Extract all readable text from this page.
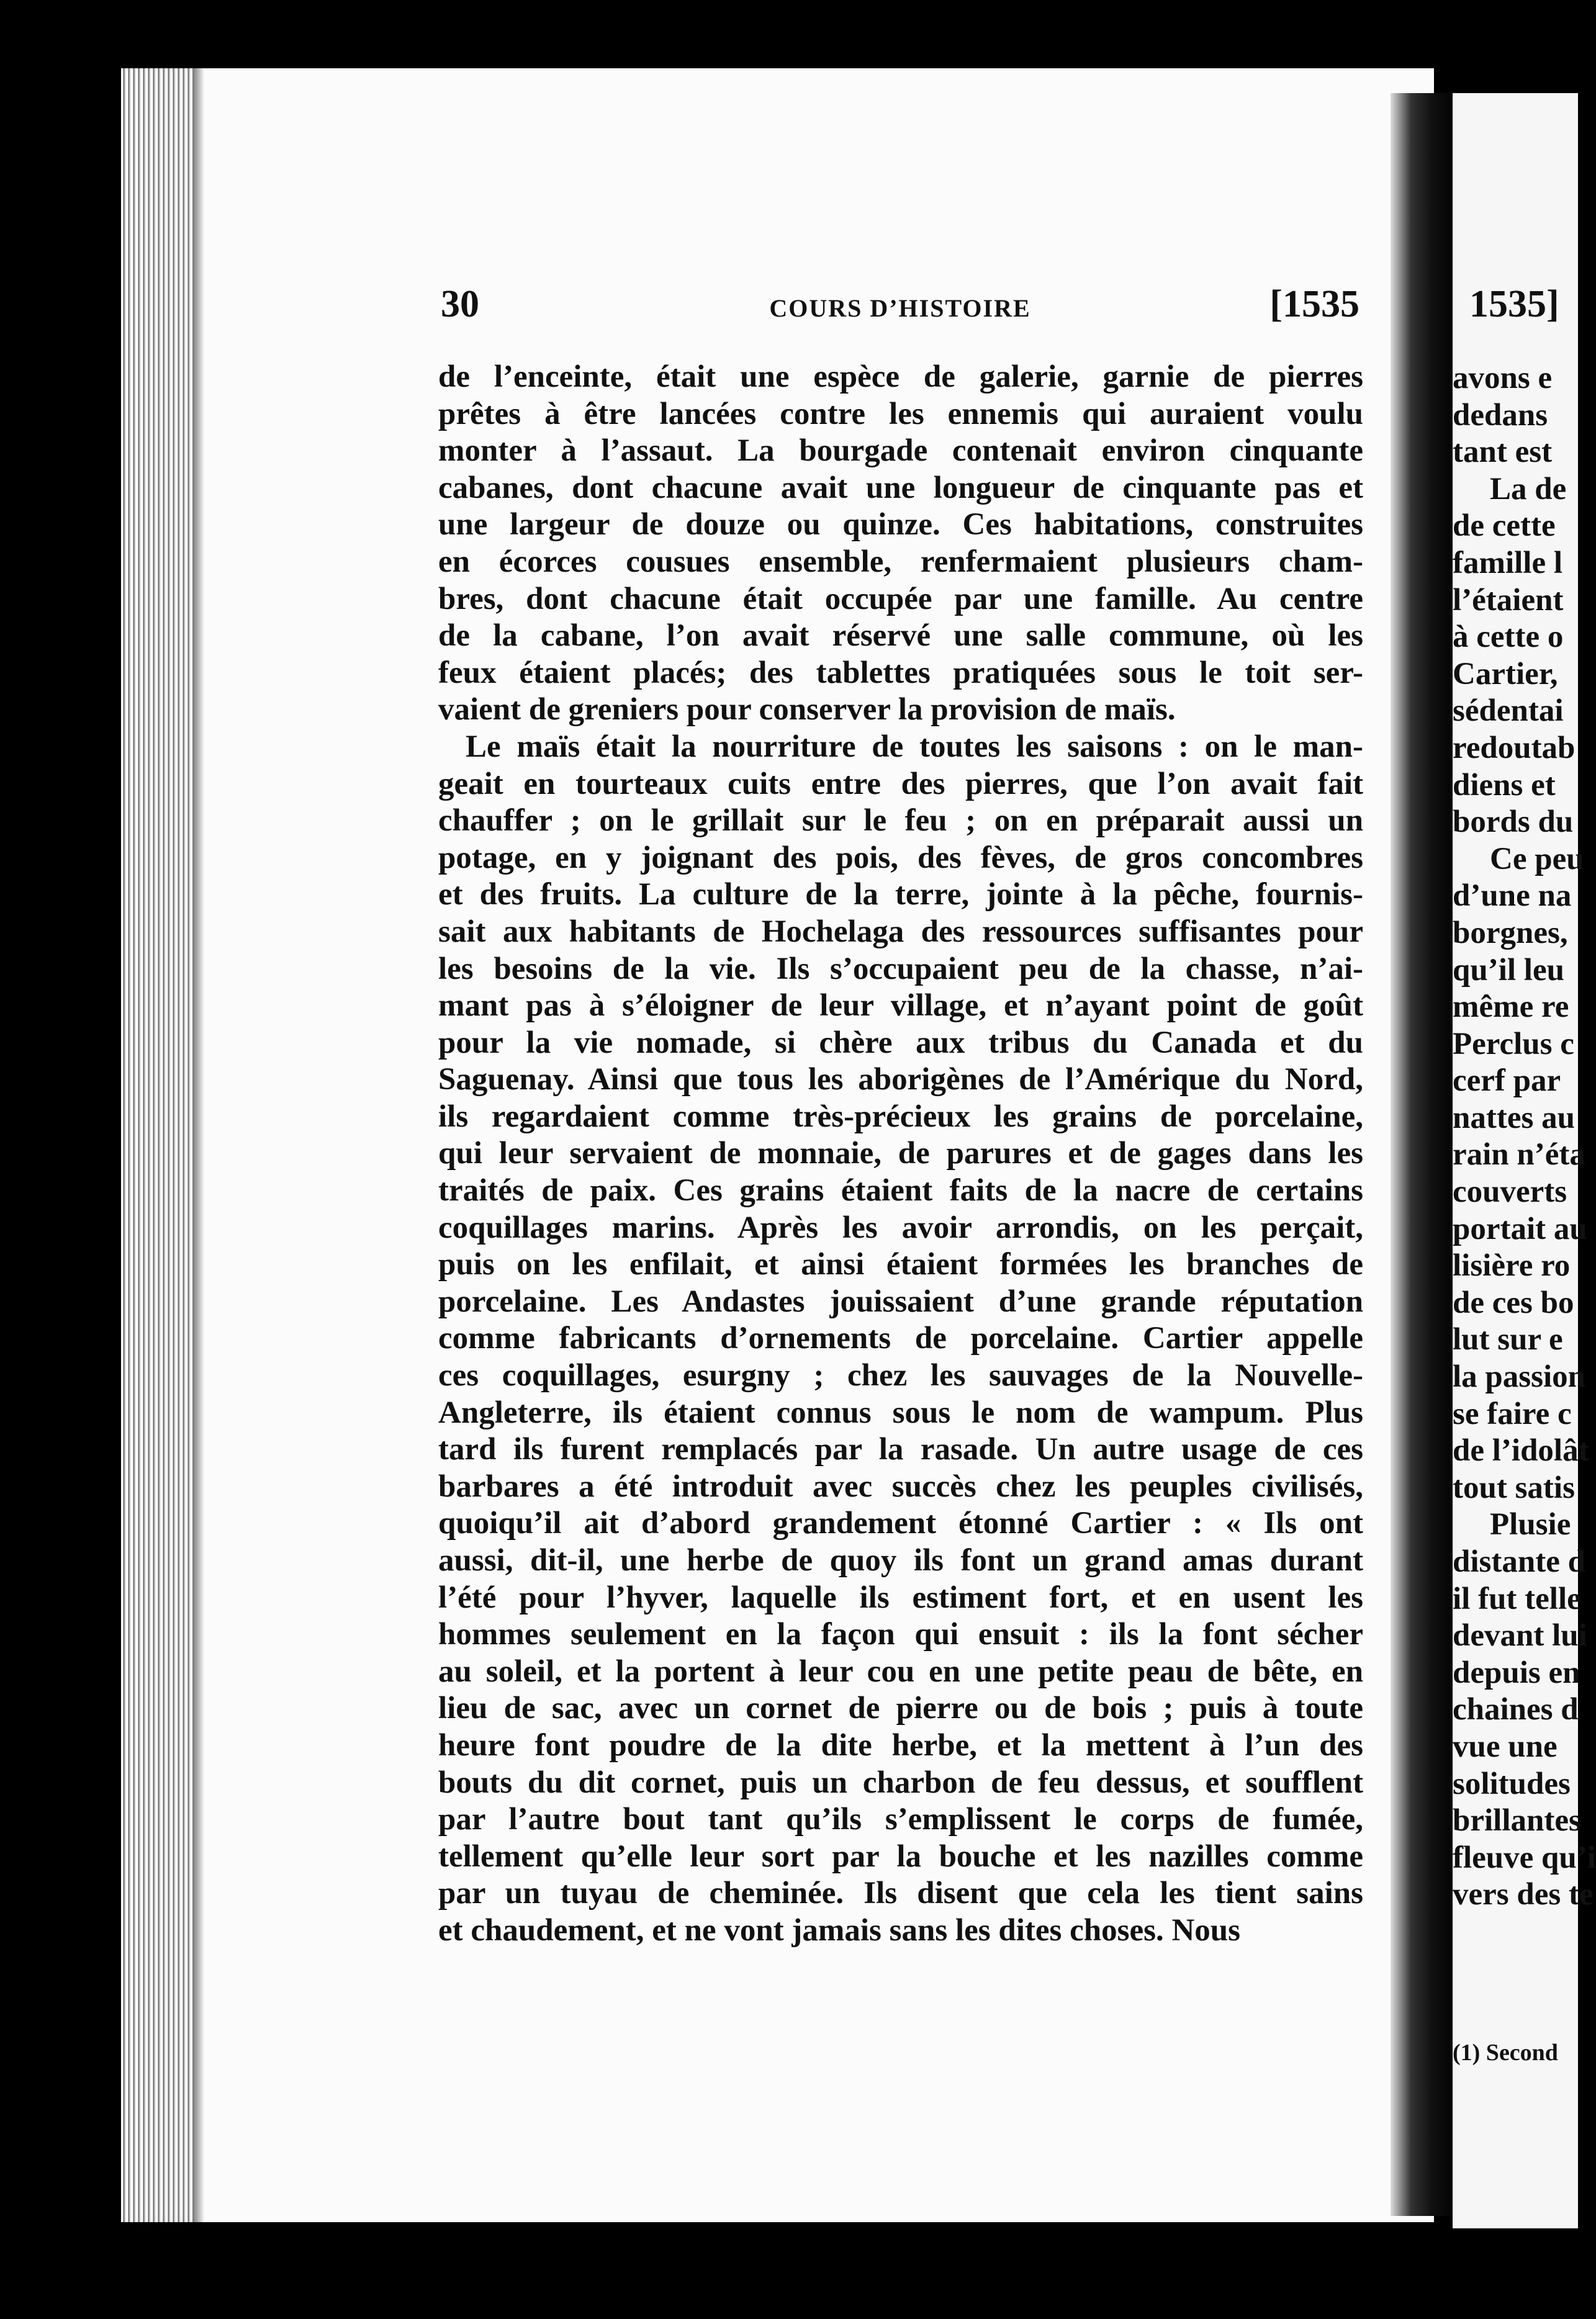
30	COURS D’HISTOIRE	[1535
de l’enceinte, était une espèce de galerie, garnie de pierres
prêtes à être lancées contre les ennemis qui auraient voulu
monter à l’assaut. La bourgade contenait environ cinquante
cabanes, dont chacune avait une longueur de cinquante pas et
une largeur de douze ou quinze. Ces habitations, construites
en écorces cousues ensemble, renfermaient plusieurs cham-
bres, dont chacune était occupée par une famille. Au centre
de la cabane, l’on avait réservé une salle commune, où les
feux étaient placés; des tablettes pratiquées sous le toit ser-
vaient de greniers pour conserver la provision de maïs.
Le maïs était la nourriture de toutes les saisons : on le man-
geait en tourteaux cuits entre des pierres, que l’on avait fait
chauffer ; on le grillait sur le feu ; on en préparait aussi un
potage, en y joignant des pois, des fèves, de gros concombres
et des fruits. La culture de la terre, jointe à la pêche, fournis-
sait aux habitants de Hochelaga des ressources suffisantes pour
les besoins de la vie. Ils s’occupaient peu de la chasse, n’ai-
mant pas à s’éloigner de leur village, et n’ayant point de goût
pour la vie nomade, si chère aux tribus du Canada et du
Saguenay. Ainsi que tous les aborigènes de l’Amérique du Nord,
ils regardaient comme très-précieux les grains de porcelaine,
qui leur servaient de monnaie, de parures et de gages dans les
traités de paix. Ces grains étaient faits de la nacre de certains
coquillages marins. Après les avoir arrondis, on les perçait,
puis on les enfilait, et ainsi étaient formées les branches de
porcelaine. Les Andastes jouissaient d’une grande réputation
comme fabricants d’ornements de porcelaine. Cartier appelle
ces coquillages, esurgny ; chez les sauvages de la Nouvelle-
Angleterre, ils étaient connus sous le nom de wampum. Plus
tard ils furent remplacés par la rasade. Un autre usage de ces
barbares a été introduit avec succès chez les peuples civilisés,
quoiqu’il ait d’abord grandement étonné Cartier : « Ils ont
aussi, dit-il, une herbe de quoy ils font un grand amas durant
l’été pour l’hyver, laquelle ils estiment fort, et en usent les
hommes seulement en la façon qui ensuit : ils la font sécher
au soleil, et la portent à leur cou en une petite peau de bête, en
lieu de sac, avec un cornet de pierre ou de bois ; puis à toute
heure font poudre de la dite herbe, et la mettent à l’un des
bouts du dit cornet, puis un charbon de feu dessus, et soufflent
par l’autre bout tant qu’ils s’emplissent le corps de fumée,
tellement qu’elle leur sort par la bouche et les nazilles comme
par un tuyau de cheminée. Ils disent que cela les tient sains
et chaudement, et ne vont jamais sans les dites choses. Nous
1535]
avons e
dedans
tant est
La de
de cette
famille l
l’étaient
à cette o
Cartier,
sédentai
redoutab
diens et
bords du
Ce peu
d’une na
borgnes,
qu’il leu
même re
Perclus c
cerf par
nattes au
rain n’éta
couverts
portait au
lisière ro
de ces bo
lut sur e
la passion
se faire c
de l’idolât
tout satis
Plusie
distante d
il fut telle
devant lui
depuis en
chaines d
vue une
solitudes
brillantes
fleuve qu’i
vers des te
(1) Second
